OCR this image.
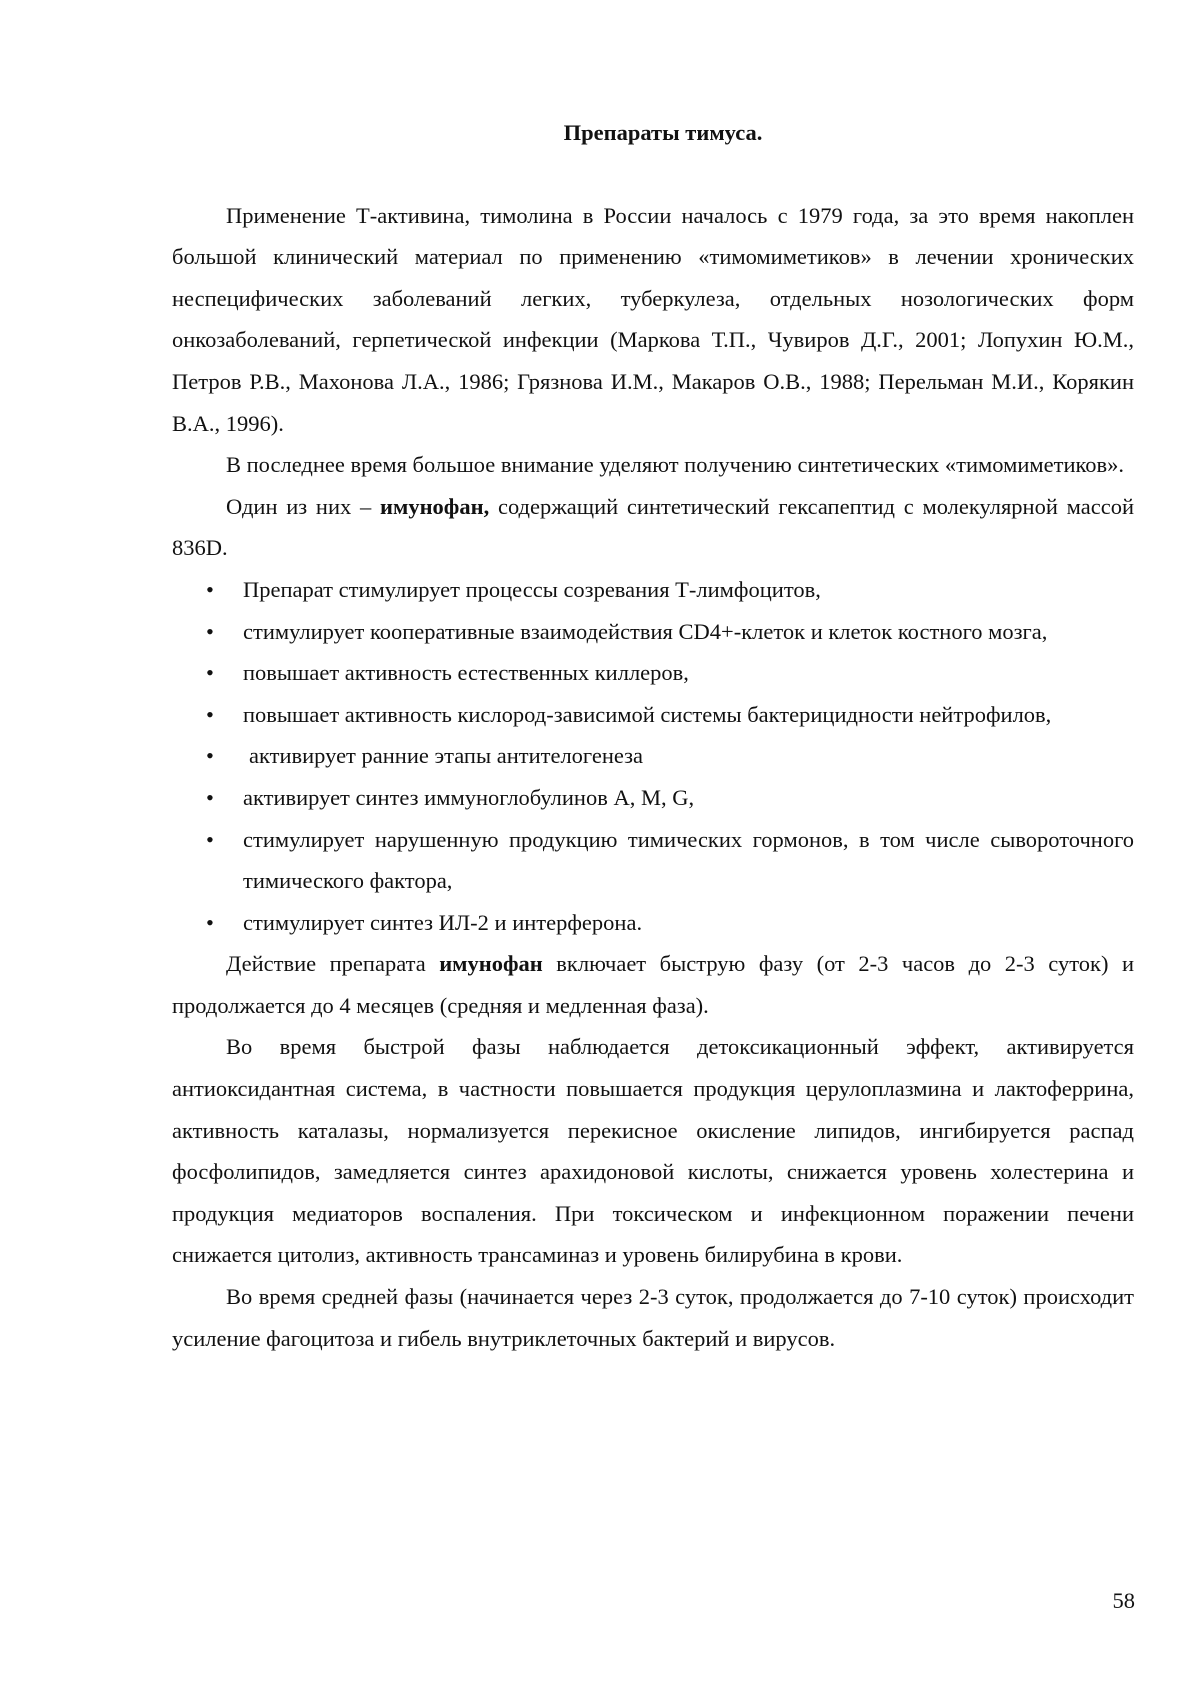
Препараты тимуса.

Применение Т-активина, тимолина в России началось с 1979 года, за это время накоплен большой клинический материал по применению «тимомиметиков» в лечении хронических неспецифических заболеваний легких, туберкулеза, отдельных нозологических форм онкозаболеваний, герпетической инфекции (Маркова Т.П., Чувиров Д.Г., 2001; Лопухин Ю.М., Петров Р.В., Махонова Л.А., 1986; Грязнова И.М., Макаров О.В., 1988; Перельман М.И., Корякин В.А., 1996).

В последнее время большое внимание уделяют получению синтетических «тимомиметиков».

Один из них – имунофан, содержащий синтетический гексапептид с молекулярной массой 836D.

• Препарат стимулирует процессы созревания Т-лимфоцитов,
• стимулирует кооперативные взаимодействия CD4+-клеток и клеток костного мозга,
• повышает активность естественных киллеров,
• повышает активность кислород-зависимой системы бактерицидности нейтрофилов,
• активирует ранние этапы антителогенеза
• активирует синтез иммуноглобулинов А, М, G,
• стимулирует нарушенную продукцию тимических гормонов, в том числе сывороточного тимического фактора,
• стимулирует синтез ИЛ-2 и интерферона.

Действие препарата имунофан включает быструю фазу (от 2-3 часов до 2-3 суток) и продолжается до 4 месяцев (средняя и медленная фаза).

Во время быстрой фазы наблюдается детоксикационный эффект, активируется антиоксидантная система, в частности повышается продукция церулоплазмина и лактоферрина, активность каталазы, нормализуется перекисное окисление липидов, ингибируется распад фосфолипидов, замедляется синтез арахидоновой кислоты, снижается уровень холестерина и продукция медиаторов воспаления. При токсическом и инфекционном поражении печени снижается цитолиз, активность трансаминаз и уровень билирубина в крови.

Во время средней фазы (начинается через 2-3 суток, продолжается до 7-10 суток) происходит усиление фагоцитоза и гибель внутриклеточных бактерий и вирусов.

58
